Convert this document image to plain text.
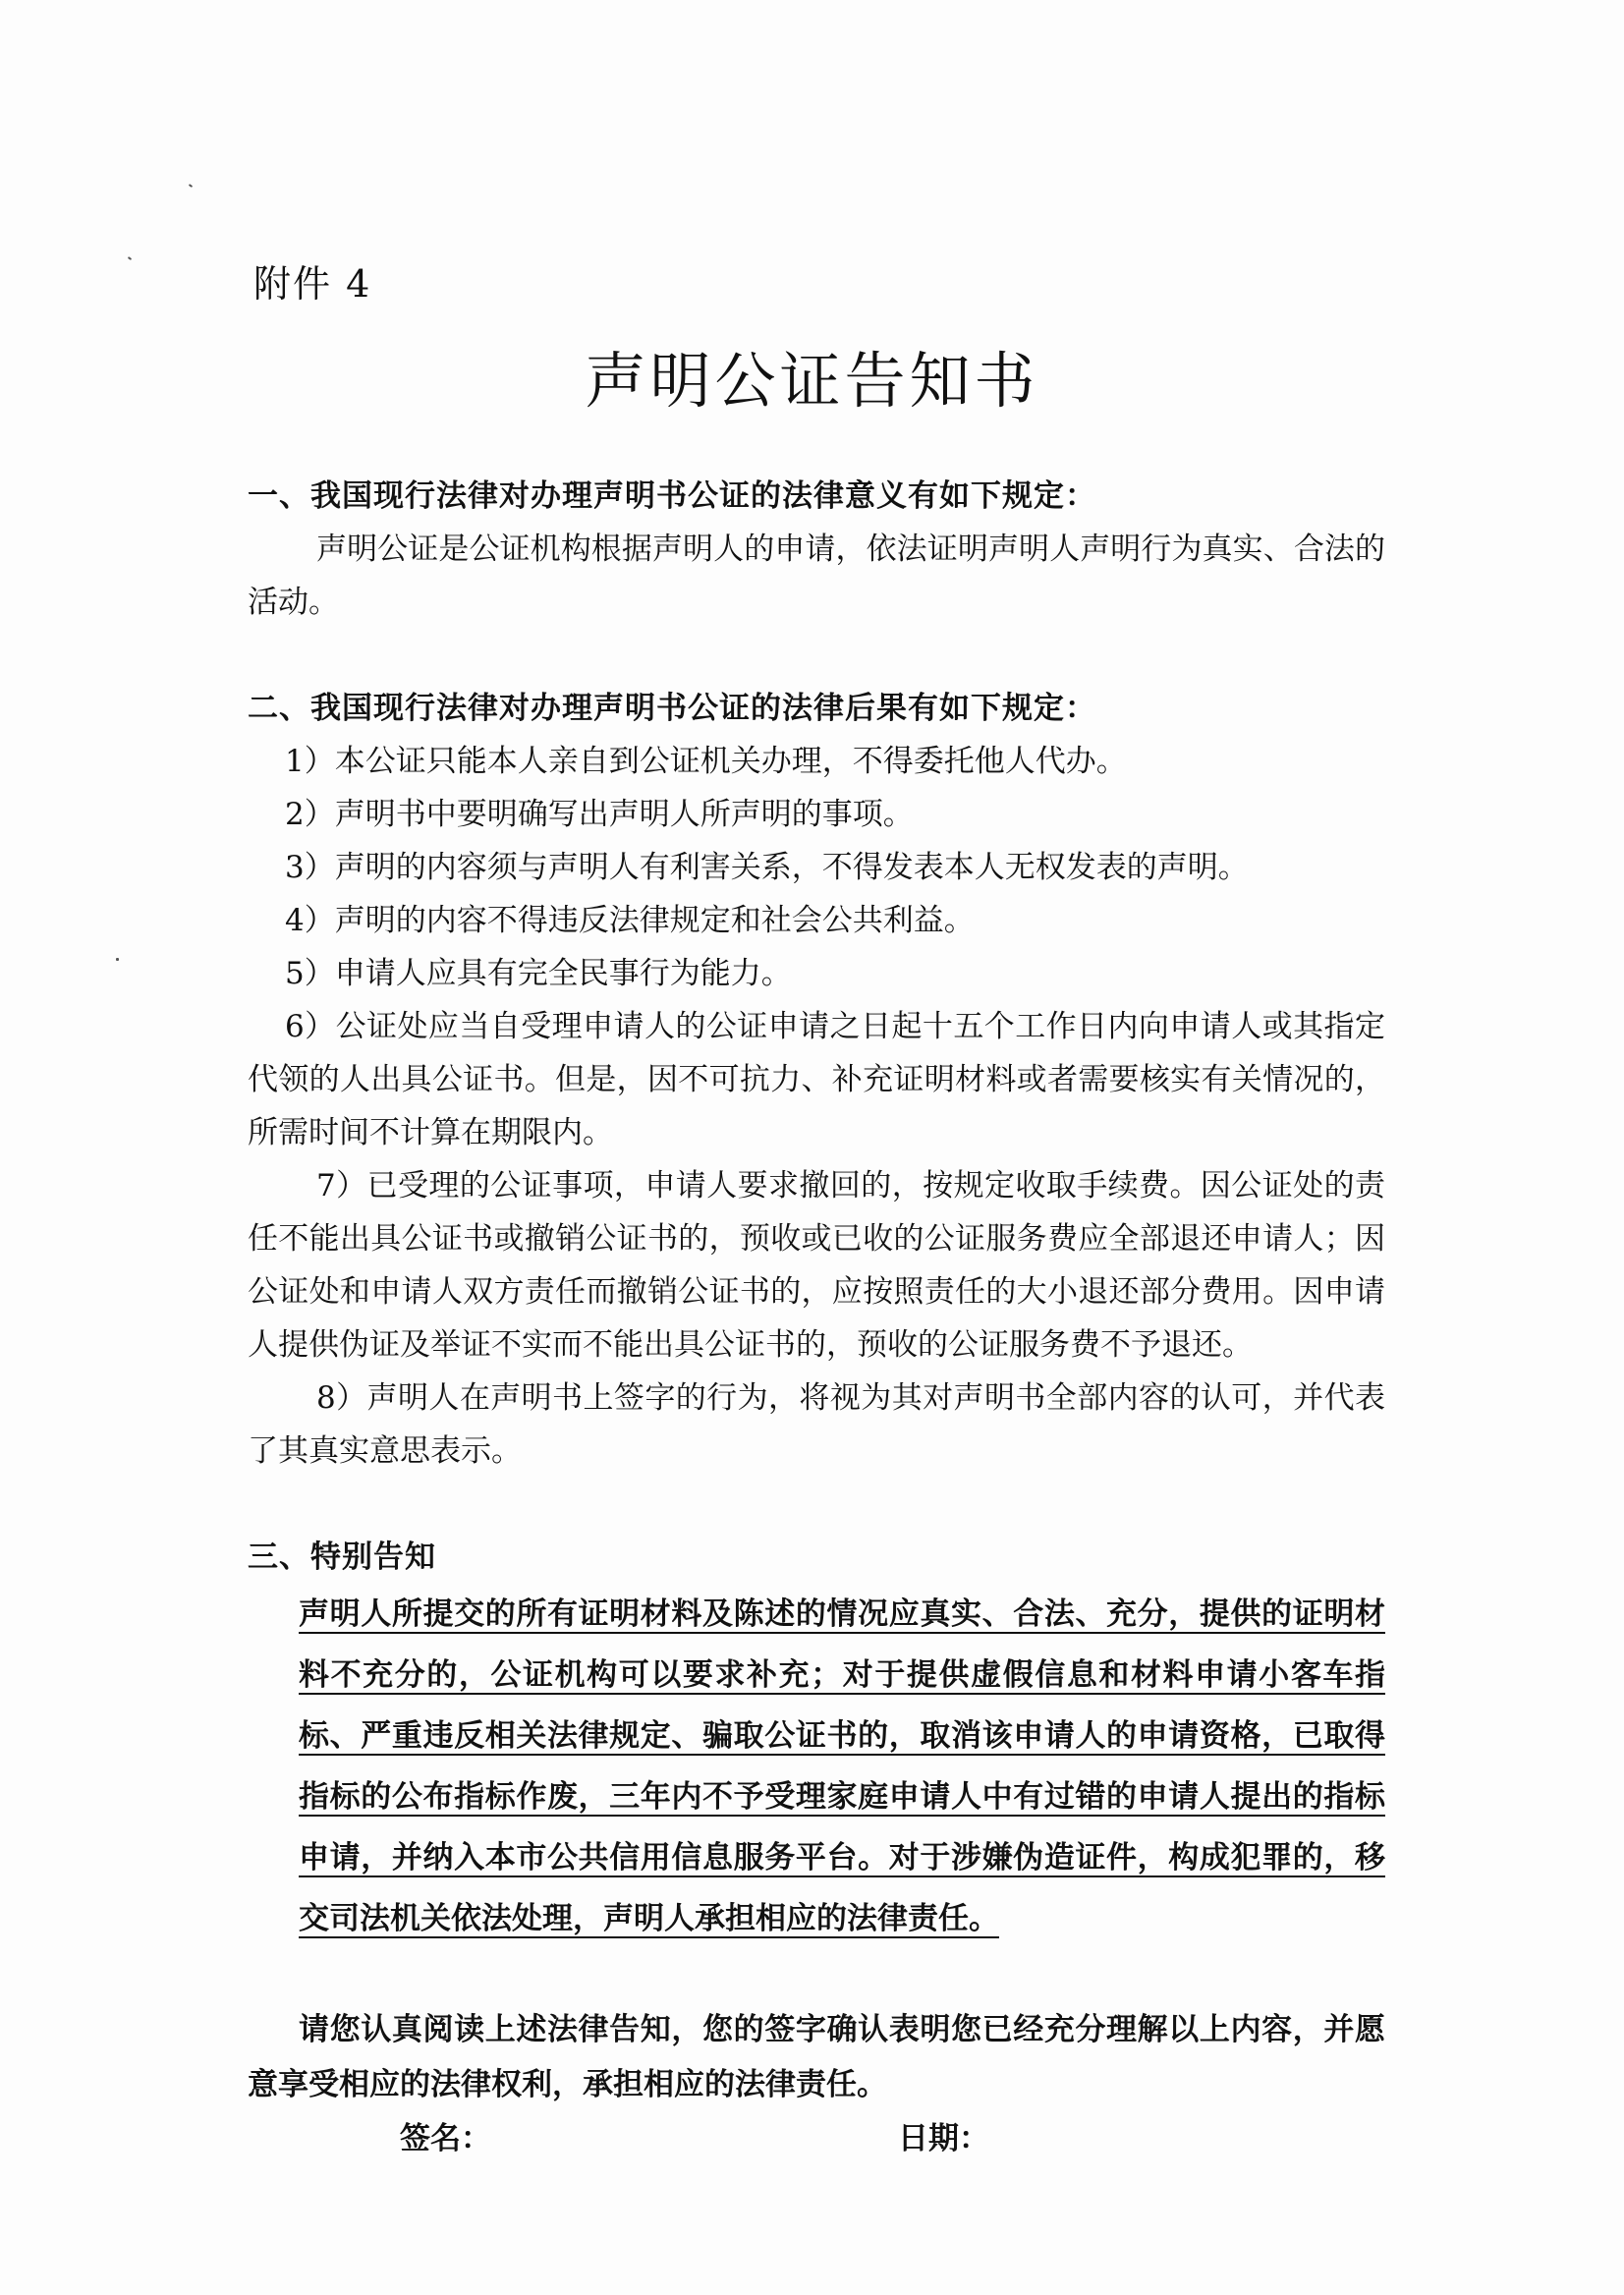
附件 4
声明公证告知书
一、我国现行法律对办理声明书公证的法律意义有如下规定：
声明公证是公证机构根据声明人的申请，依法证明声明人声明行为真实、合法的活动。
二、我国现行法律对办理声明书公证的法律后果有如下规定：
1）本公证只能本人亲自到公证机关办理，不得委托他人代办。
2）声明书中要明确写出声明人所声明的事项。
3）声明的内容须与声明人有利害关系，不得发表本人无权发表的声明。
4）声明的内容不得违反法律规定和社会公共利益。
5）申请人应具有完全民事行为能力。
6）公证处应当自受理申请人的公证申请之日起十五个工作日内向申请人或其指定代领的人出具公证书。但是，因不可抗力、补充证明材料或者需要核实有关情况的，所需时间不计算在期限内。
7）已受理的公证事项，申请人要求撤回的，按规定收取手续费。因公证处的责任不能出具公证书或撤销公证书的，预收或已收的公证服务费应全部退还申请人；因公证处和申请人双方责任而撤销公证书的，应按照责任的大小退还部分费用。因申请人提供伪证及举证不实而不能出具公证书的，预收的公证服务费不予退还。
8）声明人在声明书上签字的行为，将视为其对声明书全部内容的认可，并代表了其真实意思表示。
三、特别告知
声明人所提交的所有证明材料及陈述的情况应真实、合法、充分，提供的证明材料不充分的，公证机构可以要求补充；对于提供虚假信息和材料申请小客车指标、严重违反相关法律规定、骗取公证书的，取消该申请人的申请资格，已取得指标的公布指标作废，三年内不予受理家庭申请人中有过错的申请人提出的指标申请，并纳入本市公共信用信息服务平台。对于涉嫌伪造证件，构成犯罪的，移交司法机关依法处理，声明人承担相应的法律责任。
请您认真阅读上述法律告知，您的签字确认表明您已经充分理解以上内容，并愿意享受相应的法律权利，承担相应的法律责任。
签名：	日期：
